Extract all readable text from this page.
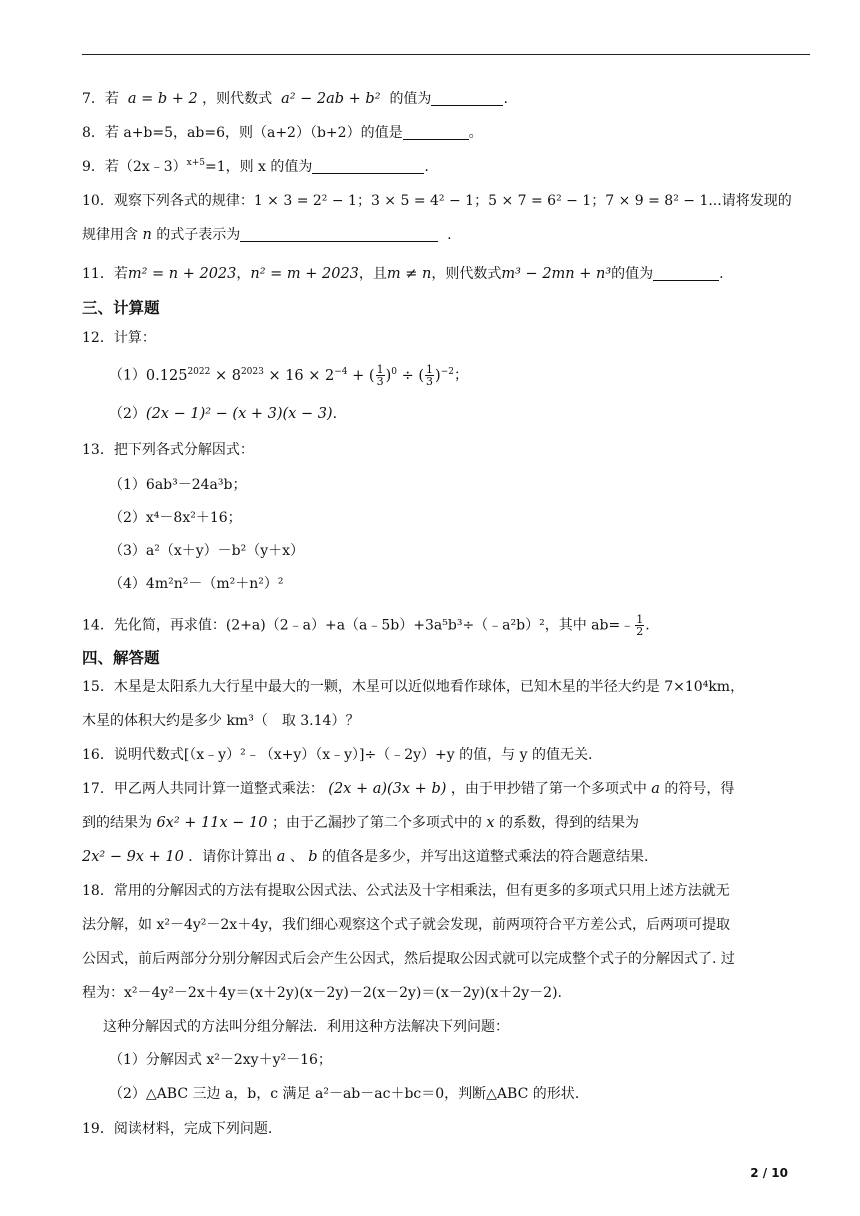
7．若 a = b + 2 ，则代数式 a² − 2ab + b² 的值为	.
8．若 a+b=5，ab=6，则（a+2）（b+2）的值是	。
9．若（2x﹣3）$^{x+5}$=1，则 x 的值为	.
10．观察下列各式的规律：1 × 3 = 2² − 1；3 × 5 = 4² − 1；5 × 7 = 6² − 1；7 × 9 = 8² − 1...请将发现的
规律用含 n 的式子表示为	.
11．若m² = n + 2023，n² = m + 2023，且m ≠ n，则代数式m³ − 2mn + n³的值为	.
三、计算题
12．计算：
$(1)0.125^{2022} \times 8^{2023} \times 16 \times 2^{-4}$ + ( $\frac{1}{3} )^0$ ÷ ( $\frac{1}{3} )^{-2}$；
（2）(2x − 1)² − (x + 3)(x − 3).
13．把下列各式分解因式：
（1）6ab³－24a³b；
（2）x⁴－8x²＋16；
（3）a²（x＋y）－b²（y＋x）
（4）4m²n²－（m²＋n²）²
14．先化简，再求值：(2+a)（2﹣a）+a（a﹣5b）+3a⁵b³÷（﹣a²b）²，其中 ab=﹣ $\frac{1}{2}$ .
四、解答题
15．木星是太阳系九大行星中最大的一颗，木星可以近似地看作球体，已知木星的半径大约是 7×10⁴km，
木星的体积大约是多少 km³（　取 3.14）？
16．说明代数式[（x﹣y）²﹣（x+y）（x﹣y）]÷（﹣2y）+y 的值，与 y 的值无关.
17．甲乙两人共同计算一道整式乘法： (2x + a)(3x + b) ，由于甲抄错了第一个多项式中 a 的符号，得
到的结果为 6x² + 11x − 10 ；由于乙漏抄了第二个多项式中的 x 的系数，得到的结果为
2x² − 9x + 10 ．请你计算出 a 、 b 的值各是多少，并写出这道整式乘法的符合题意结果.
18．常用的分解因式的方法有提取公因式法、公式法及十字相乘法，但有更多的多项式只用上述方法就无
法分解，如 x²－4y²－2x＋4y，我们细心观察这个式子就会发现，前两项符合平方差公式，后两项可提取
公因式，前后两部分分别分解因式后会产生公因式，然后提取公因式就可以完成整个式子的分解因式了. 过
程为：x²－4y²－2x＋4y＝(x＋2y)(x－2y)－2(x－2y)＝(x－2y)(x＋2y－2).
这种分解因式的方法叫分组分解法．利用这种方法解决下列问题：
（1）分解因式 x²－2xy＋y²－16；
（2）△ABC 三边 a，b，c 满足 a²－ab－ac＋bc＝0，判断△ABC 的形状.
19．阅读材料，完成下列问题.
2 / 10
